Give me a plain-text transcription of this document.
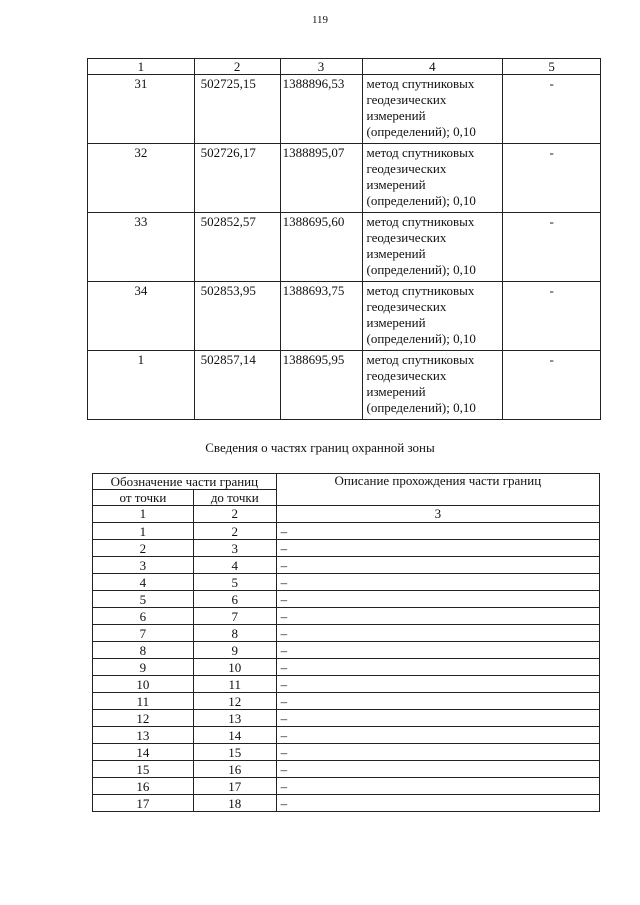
119
1	2	3	4	5
31	502725,15	1388896,53	метод спутниковых
геодезических
измерений
(определений); 0,10	-
32	502726,17	1388895,07	метод спутниковых
геодезических
измерений
(определений); 0,10	-
33	502852,57	1388695,60	метод спутниковых
геодезических
измерений
(определений); 0,10	-
34	502853,95	1388693,75	метод спутниковых
геодезических
измерений
(определений); 0,10	-
1	502857,14	1388695,95	метод спутниковых
геодезических
измерений
(определений); 0,10	-
Сведения о частях границ охранной зоны
Обозначение части границ		Описание прохождения части границ
от точки	до точки	
1	2	3
1	2	–
2	3	–
3	4	–
4	5	–
5	6	–
6	7	–
7	8	–
8	9	–
9	10	–
10	11	–
11	12	–
12	13	–
13	14	–
14	15	–
15	16	–
16	17	–
17	18	–
